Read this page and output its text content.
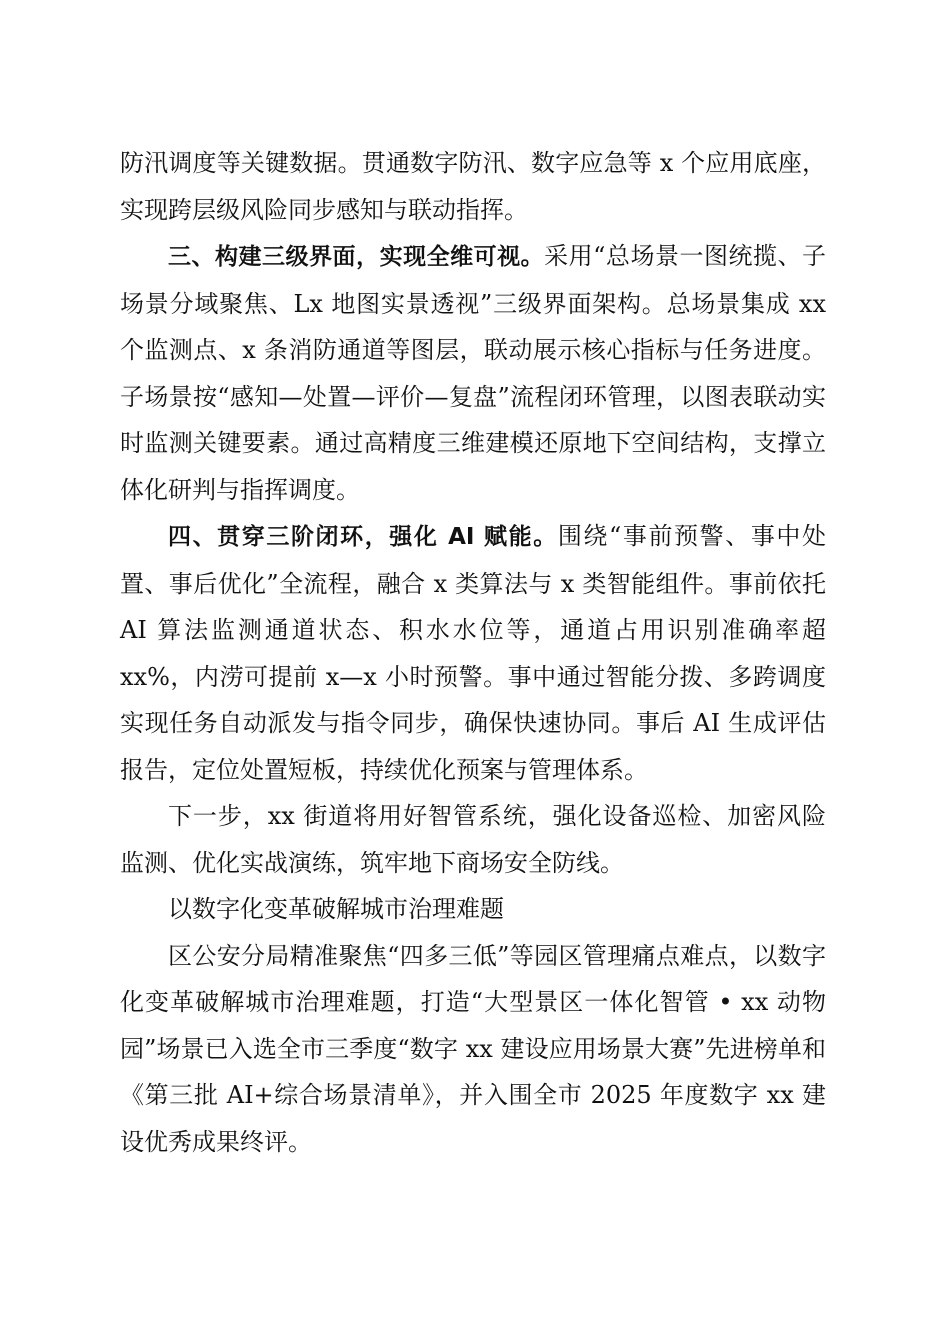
防汛调度等关键数据。贯通数字防汛、数字应急等 x 个应用底座，实现跨层级风险同步感知与联动指挥。

三、构建三级界面，实现全维可视。采用“总场景一图统揽、子场景分域聚焦、Lx 地图实景透视”三级界面架构。总场景集成 xx 个监测点、x 条消防通道等图层，联动展示核心指标与任务进度。子场景按“感知—处置—评价—复盘”流程闭环管理，以图表联动实时监测关键要素。通过高精度三维建模还原地下空间结构，支撑立体化研判与指挥调度。

四、贯穿三阶闭环，强化 AI 赋能。围绕“事前预警、事中处置、事后优化”全流程，融合 x 类算法与 x 类智能组件。事前依托 AI 算法监测通道状态、积水水位等，通道占用识别准确率超 xx%，内涝可提前 x—x 小时预警。事中通过智能分拨、多跨调度实现任务自动派发与指令同步，确保快速协同。事后 AI 生成评估报告，定位处置短板，持续优化预案与管理体系。

下一步，xx 街道将用好智管系统，强化设备巡检、加密风险监测、优化实战演练，筑牢地下商场安全防线。

以数字化变革破解城市治理难题

区公安分局精准聚焦“四多三低”等园区管理痛点难点，以数字化变革破解城市治理难题，打造“大型景区一体化智管 • xx 动物园”场景已入选全市三季度“数字 xx 建设应用场景大赛”先进榜单和《第三批 AI+综合场景清单》，并入围全市 2025 年度数字 xx 建设优秀成果终评。
